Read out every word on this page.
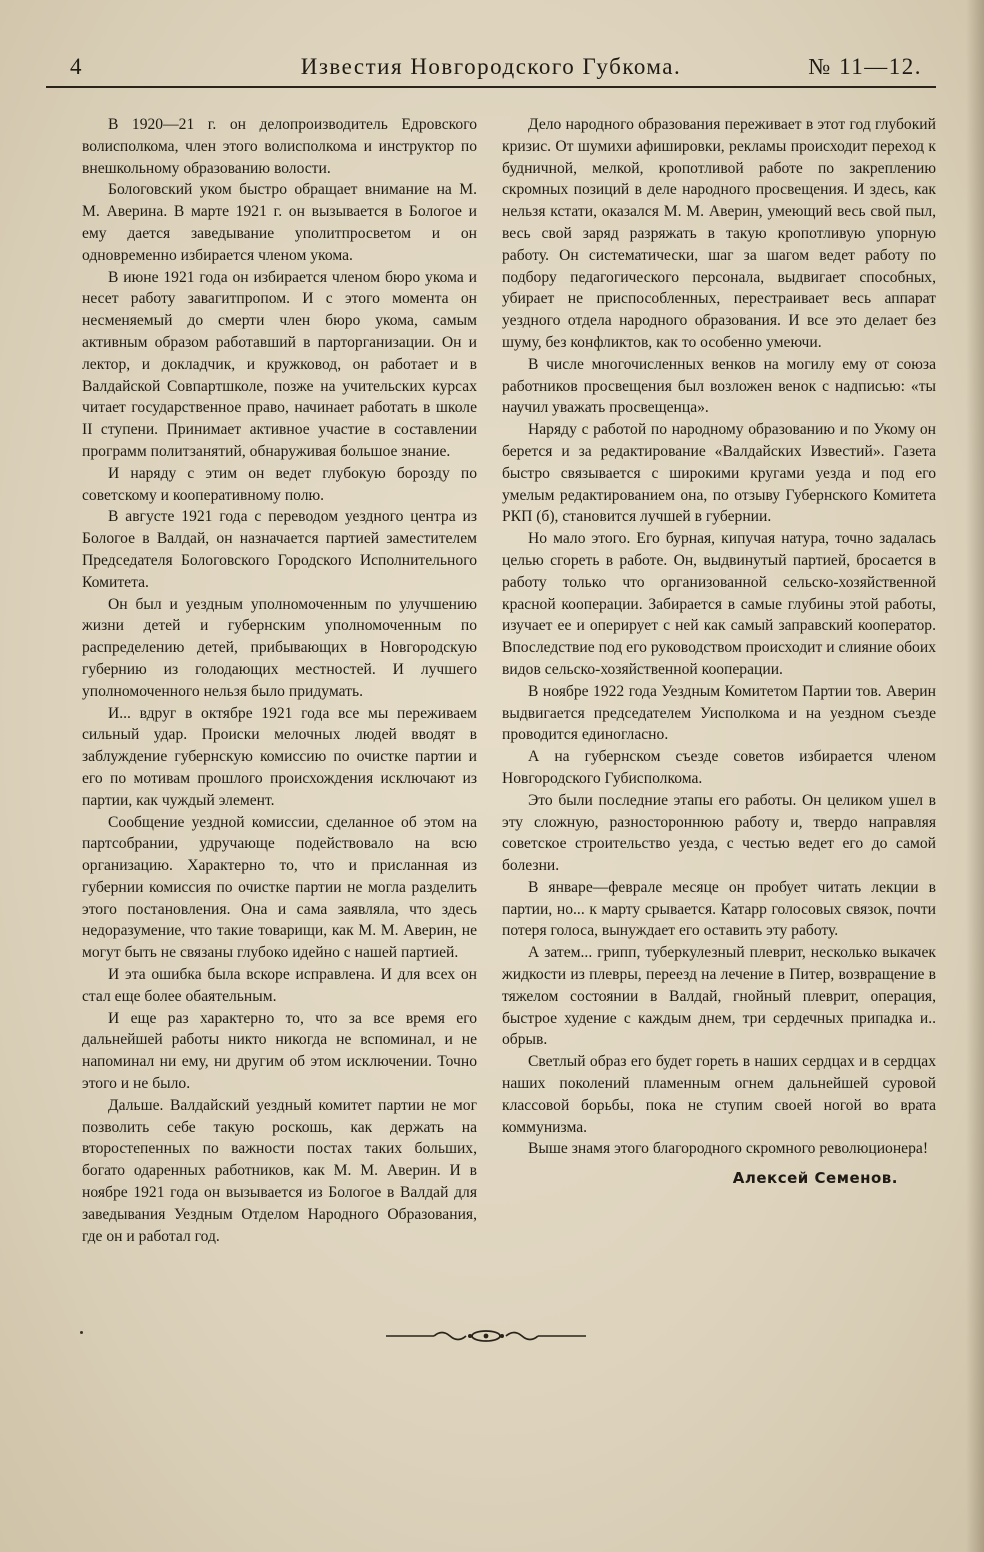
4	Известия Новгородского Губкома.	№ 11—12.

В 1920—21 г. он делопроизводитель Едровского волисполкома, член этого волисполкома и инструктор по внешкольному образованию волости.

Бологовский уком быстро обращает внимание на М. М. Аверина. В марте 1921 г. он вызывается в Бологое и ему дается заведывание уполитпросветом и он одновременно избирается членом укома.

В июне 1921 года он избирается членом бюро укома и несет работу завагитпропом. И с этого момента он несменяемый до смерти член бюро укома, самым активным образом работавший в парторганизации. Он и лектор, и докладчик, и кружковод, он работает и в Валдайской Совпартшколе, позже на учительских курсах читает государственное право, начинает работать в школе II ступени. Принимает активное участие в составлении программ политзанятий, обнаруживая большое знание.

И наряду с этим он ведет глубокую борозду по советскому и кооперативному полю.

В августе 1921 года с переводом уездного центра из Бологое в Валдай, он назначается партией заместителем Председателя Бологовского Городского Исполнительного Комитета.

Он был и уездным уполномоченным по улучшению жизни детей и губернским уполномоченным по распределению детей, прибывающих в Новгородскую губернию из голодающих местностей. И лучшего уполномоченного нельзя было придумать.

И... вдруг в октябре 1921 года все мы переживаем сильный удар. Происки мелочных людей вводят в заблуждение губернскую комиссию по очистке партии и его по мотивам прошлого происхождения исключают из партии, как чуждый элемент.

Сообщение уездной комиссии, сделанное об этом на партсобрании, удручающе подействовало на всю организацию. Характерно то, что и присланная из губернии комиссия по очистке партии не могла разделить этого постановления. Она и сама заявляла, что здесь недоразумение, что такие товарищи, как М. М. Аверин, не могут быть не связаны глубоко идейно с нашей партией.

И эта ошибка была вскоре исправлена. И для всех он стал еще более обаятельным.

И еще раз характерно то, что за все время его дальнейшей работы никто никогда не вспоминал, и не напоминал ни ему, ни другим об этом исключении. Точно этого и не было.

Дальше. Валдайский уездный комитет партии не мог позволить себе такую роскошь, как держать на второстепенных по важности постах таких больших, богато одаренных работников, как М. М. Аверин. И в ноябре 1921 года он вызывается из Бологое в Валдай для заведывания Уездным Отделом Народного Образования, где он и работал год.

Дело народного образования переживает в этот год глубокий кризис. От шумихи афишировки, рекламы происходит переход к будничной, мелкой, кропотливой работе по закреплению скромных позиций в деле народного просвещения. И здесь, как нельзя кстати, оказался М. М. Аверин, умеющий весь свой пыл, весь свой заряд разряжать в такую кропотливую упорную работу. Он систематически, шаг за шагом ведет работу по подбору педагогического персонала, выдвигает способных, убирает не приспособленных, перестраивает весь аппарат уездного отдела народного образования. И все это делает без шуму, без конфликтов, как то особенно умеючи.

В числе многочисленных венков на могилу ему от союза работников просвещения был возложен венок с надписью: «ты научил уважать просвещенца».

Наряду с работой по народному образованию и по Укому он берется и за редактирование «Валдайских Известий». Газета быстро связывается с широкими кругами уезда и под его умелым редактированием она, по отзыву Губернского Комитета РКП (б), становится лучшей в губернии.

Но мало этого. Его бурная, кипучая натура, точно задалась целью сгореть в работе. Он, выдвинутый партией, бросается в работу только что организованной сельско-хозяйственной красной кооперации. Забирается в самые глубины этой работы, изучает ее и оперирует с ней как самый заправский кооператор. Впоследствие под его руководством происходит и слияние обоих видов сельско-хозяйственной кооперации.

В ноябре 1922 года Уездным Комитетом Партии тов. Аверин выдвигается председателем Уисполкома и на уездном съезде проводится единогласно.

А на губернском съезде советов избирается членом Новгородского Губисполкома.

Это были последние этапы его работы. Он целиком ушел в эту сложную, разностороннюю работу и, твердо направляя советское строительство уезда, с честью ведет его до самой болезни.

В январе—феврале месяце он пробует читать лекции в партии, но... к марту срывается. Катарр голосовых связок, почти потеря голоса, вынуждает его оставить эту работу.

А затем... грипп, туберкулезный плеврит, несколько выкачек жидкости из плевры, переезд на лечение в Питер, возвращение в тяжелом состоянии в Валдай, гнойный плеврит, операция, быстрое худение с каждым днем, три сердечных припадка и.. обрыв.

Светлый образ его будет гореть в наших сердцах и в сердцах наших поколений пламенным огнем дальнейшей суровой классовой борьбы, пока не ступим своей ногой во врата коммунизма.

Выше знамя этого благородного скромного революционера!

Алексей Семенов.
